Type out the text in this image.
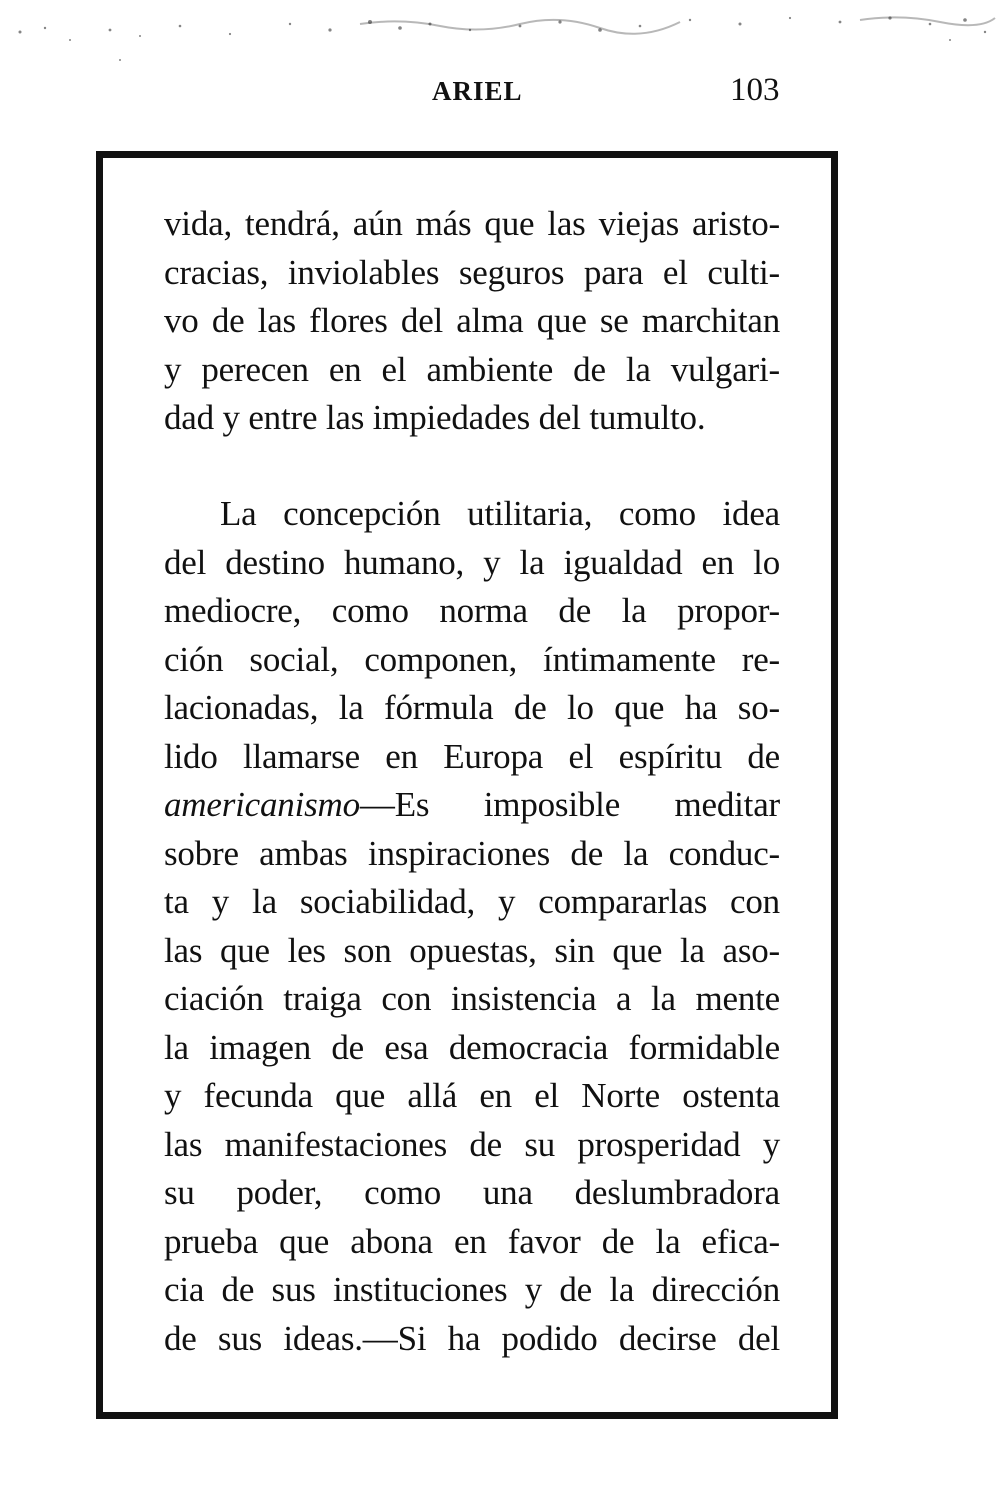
ARIEL	103
vida, tendrá, aún más que las viejas aristo-
cracias, inviolables seguros para el culti-
vo de las flores del alma que se marchitan
y perecen en el ambiente de la vulgari-
dad y entre las impiedades del tumulto.
La concepción utilitaria, como idea
del destino humano, y la igualdad en lo
mediocre, como norma de la propor-
ción social, componen, íntimamente re-
lacionadas, la fórmula de lo que ha so-
lido llamarse en Europa el espíritu de
americanismo—Es imposible meditar
sobre ambas inspiraciones de la conduc-
ta y la sociabilidad, y compararlas con
las que les son opuestas, sin que la aso-
ciación traiga con insistencia a la mente
la imagen de esa democracia formidable
y fecunda que allá en el Norte ostenta
las manifestaciones de su prosperidad y
su poder, como una deslumbradora
prueba que abona en favor de la efica-
cia de sus instituciones y de la dirección
de sus ideas.—Si ha podido decirse del
